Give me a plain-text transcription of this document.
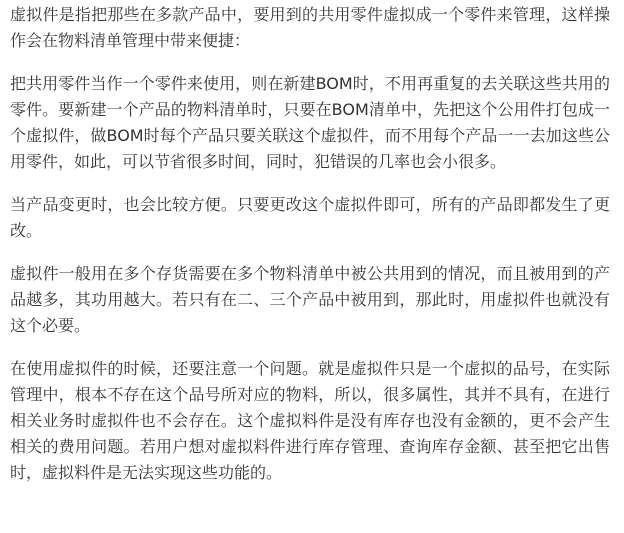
虚拟件是指把那些在多款产品中，要用到的共用零件虚拟成一个零件来管理，这样操作会在物料清单管理中带来便捷：

把共用零件当作一个零件来使用，则在新建BOM时，不用再重复的去关联这些共用的零件。要新建一个产品的物料清单时，只要在BOM清单中，先把这个公用件打包成一个虚拟件，做BOM时每个产品只要关联这个虚拟件，而不用每个产品一一去加这些公用零件，如此，可以节省很多时间，同时，犯错误的几率也会小很多。

当产品变更时，也会比较方便。只要更改这个虚拟件即可，所有的产品即都发生了更改。

虚拟件一般用在多个存货需要在多个物料清单中被公共用到的情况，而且被用到的产品越多，其功用越大。若只有在二、三个产品中被用到，那此时，用虚拟件也就没有这个必要。

在使用虚拟件的时候，还要注意一个问题。就是虚拟件只是一个虚拟的品号，在实际管理中，根本不存在这个品号所对应的物料，所以，很多属性，其并不具有，在进行相关业务时虚拟件也不会存在。这个虚拟料件是没有库存也没有金额的，更不会产生相关的费用问题。若用户想对虚拟料件进行库存管理、查询库存金额、甚至把它出售时，虚拟料件是无法实现这些功能的。
